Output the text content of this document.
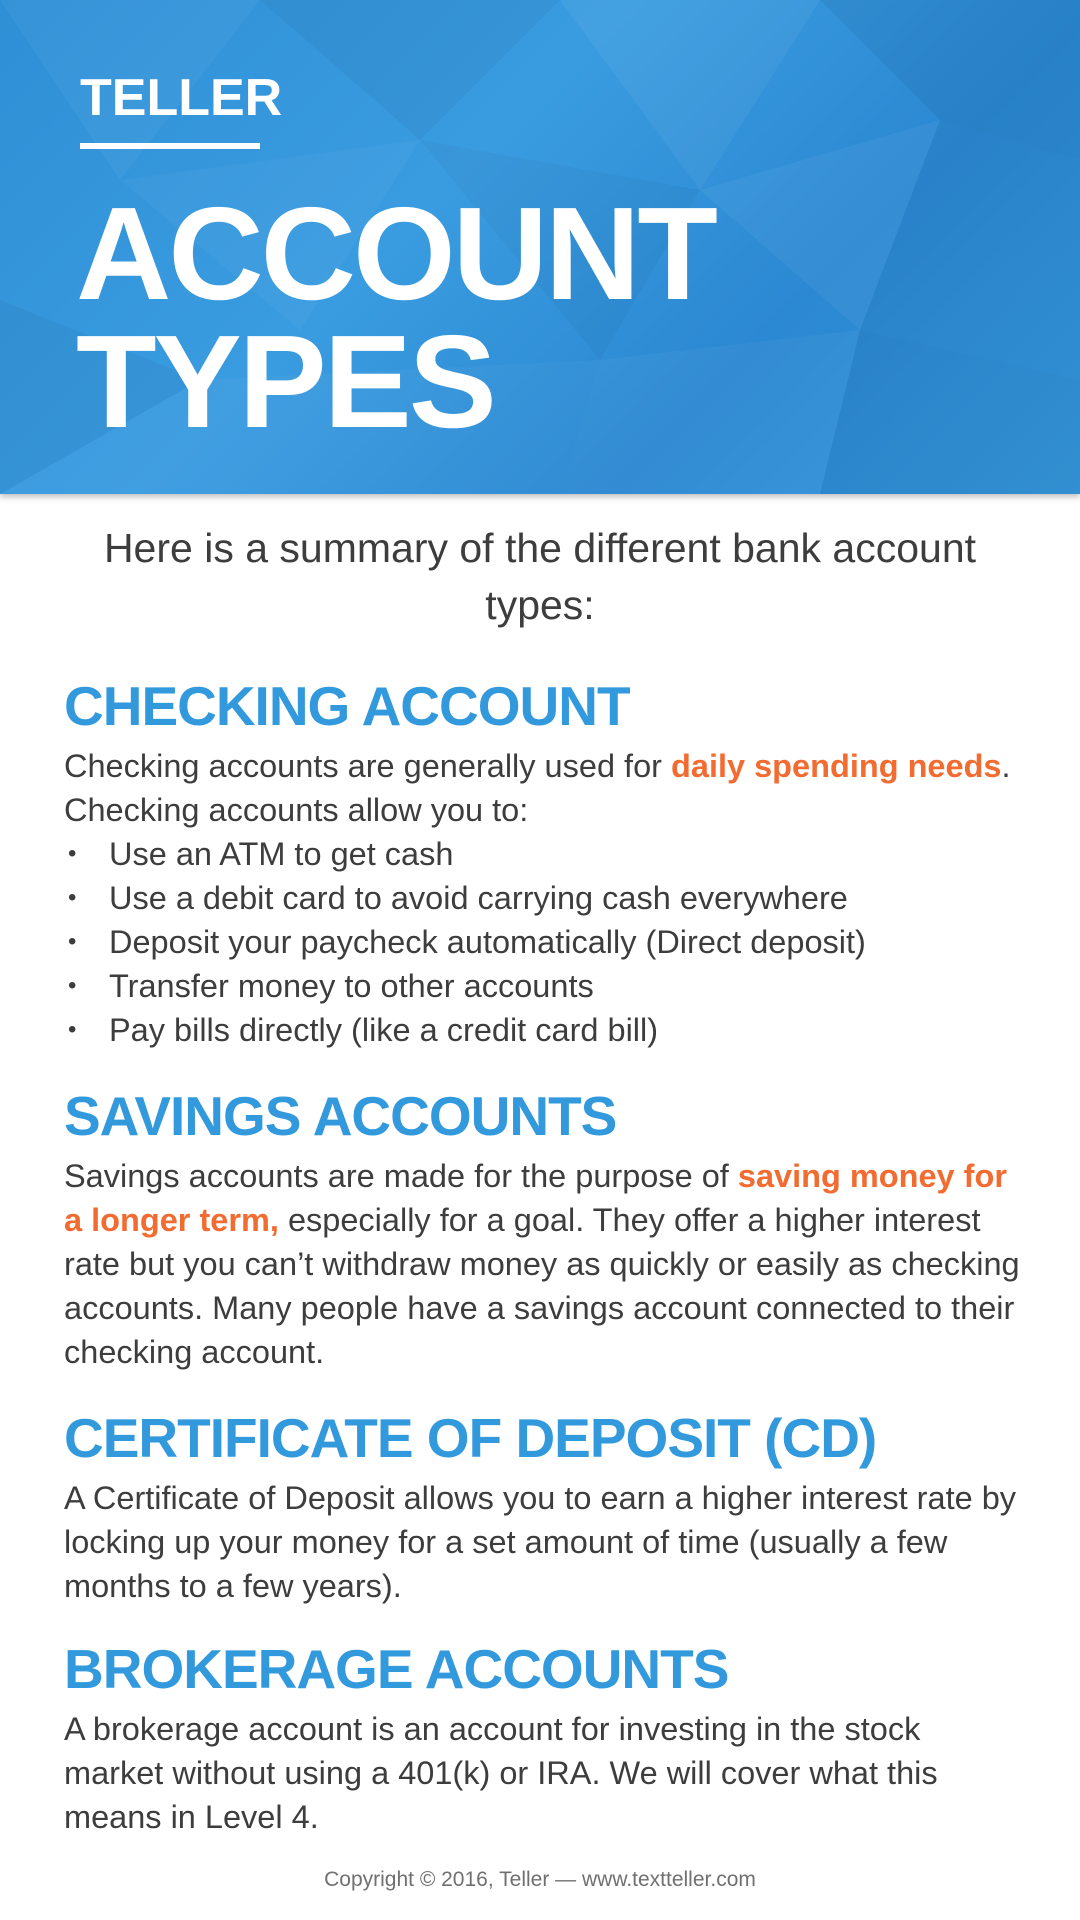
TELLER
ACCOUNT
TYPES
Here is a summary of the different bank account types:
CHECKING ACCOUNT
Checking accounts are generally used for daily spending needs. Checking accounts allow you to:
• Use an ATM to get cash
• Use a debit card to avoid carrying cash everywhere
• Deposit your paycheck automatically (Direct deposit)
• Transfer money to other accounts
• Pay bills directly (like a credit card bill)
SAVINGS ACCOUNTS
Savings accounts are made for the purpose of saving money for a longer term, especially for a goal. They offer a higher interest rate but you can’t withdraw money as quickly or easily as checking accounts. Many people have a savings account connected to their checking account.
CERTIFICATE OF DEPOSIT (CD)
A Certificate of Deposit allows you to earn a higher interest rate by locking up your money for a set amount of time (usually a few months to a few years).
BROKERAGE ACCOUNTS
A brokerage account is an account for investing in the stock market without using a 401(k) or IRA. We will cover what this means in Level 4.
Copyright © 2016, Teller — www.textteller.com
